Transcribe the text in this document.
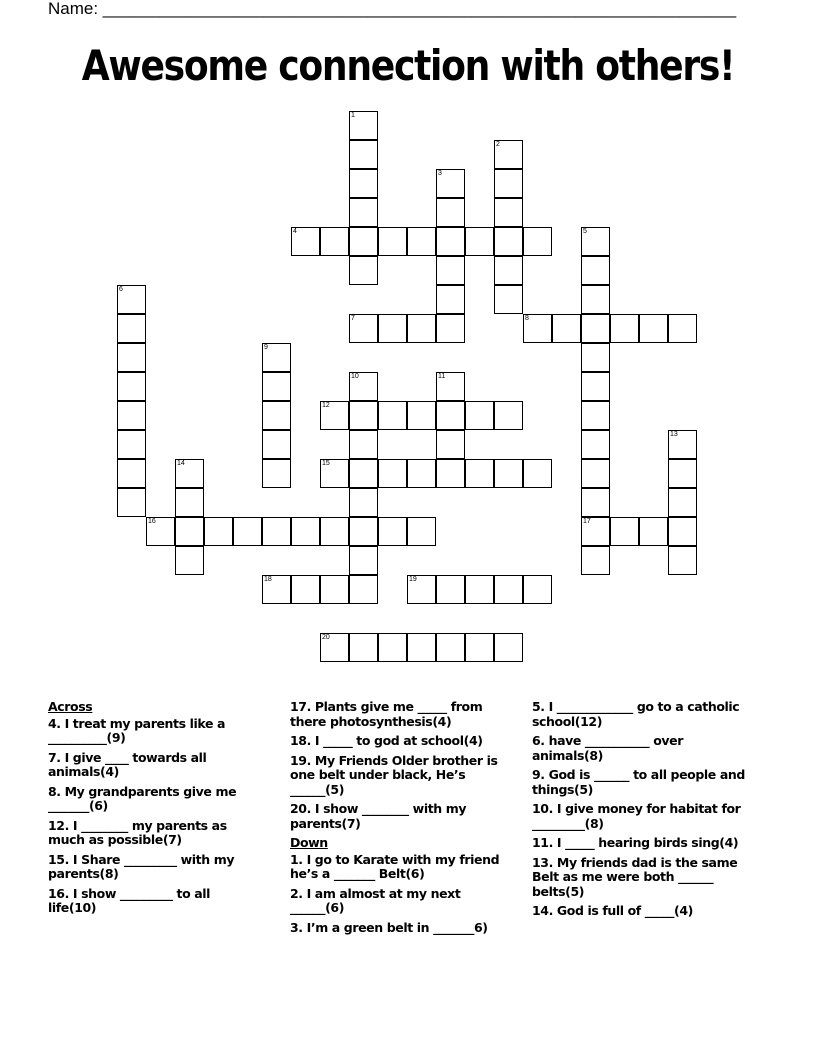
Name: ___________________________________________________________________
Awesome connection with others!
1
2
3
4	5
17
6
7	8
9
10	11
12
13
14	15
16
18	19
20
Across
4. I treat my parents like a __________(9)
7. I give ____ towards all animals(4)
8. My grandparents give me _______(6)
12. I ________ my parents as much as possible(7)
15. I Share _________ with my parents(8)
16. I show _________ to all life(10)
17. Plants give me _____ from there photosynthesis(4)
18. I _____ to god at school(4)
19. My Friends Older brother is one belt under black, He’s ______(5)
20. I show ________ with my parents(7)
Down
1. I go to Karate with my friend he’s a _______ Belt(6)
2. I am almost at my next ______(6)
3. I’m a green belt in _______6)
5. I _____________ go to a catholic school(12)
6. have ___________ over animals(8)
9. God is ______ to all people and things(5)
10. I give money for habitat for _________(8)
11. I _____ hearing birds sing(4)
13. My friends dad is the same Belt as me were both ______ belts(5)
14. God is full of _____(4)
